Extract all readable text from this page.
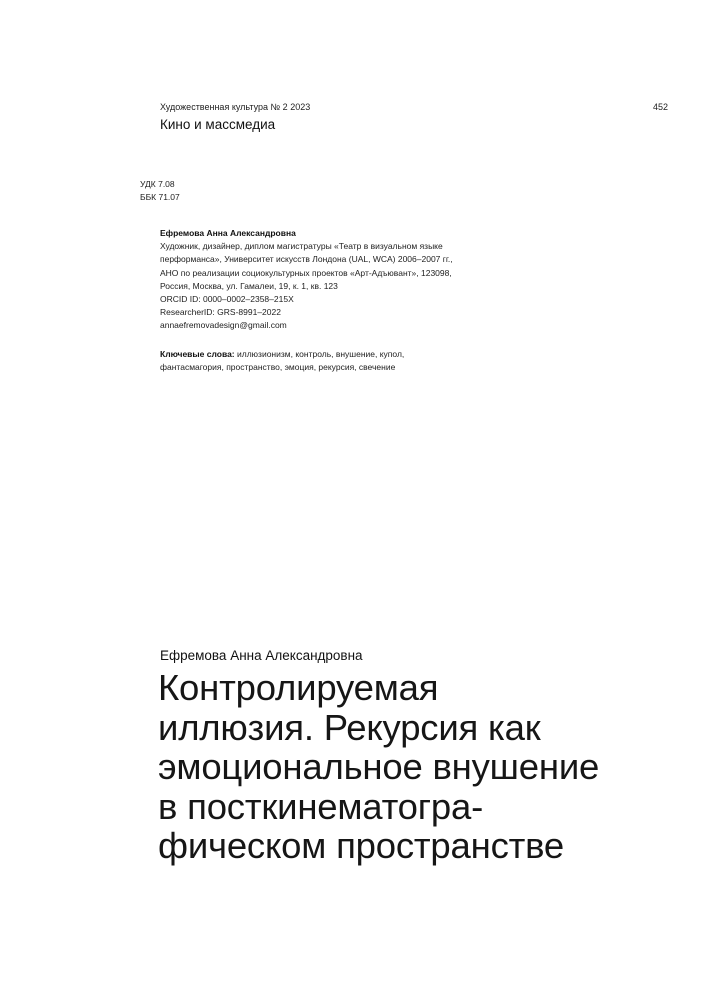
Художественная культура № 2 2023
Кино и массмедиа
452
УДК 7.08
ББК 71.07
Ефремова Анна Александровна
Художник, дизайнер, диплом магистратуры «Театр в визуальном языке
перформанса», Университет искусств Лондона (UAL, WCA) 2006–2007 гг.,
АНО по реализации социокультурных проектов «Арт-Адъювант», 123098,
Россия, Москва, ул. Гамалеи, 19, к. 1, кв. 123
ORCID ID: 0000–0002–2358–215X
ResearcherID: GRS-8991–2022
annaefremovadesign@gmail.com
Ключевые слова: иллюзионизм, контроль, внушение, купол,
фантасмагория, пространство, эмоция, рекурсия, свечение
Ефремова Анна Александровна
Контролируемая
иллюзия. Рекурсия как
эмоциональное внушение
в посткинематогра-
фическом пространстве
